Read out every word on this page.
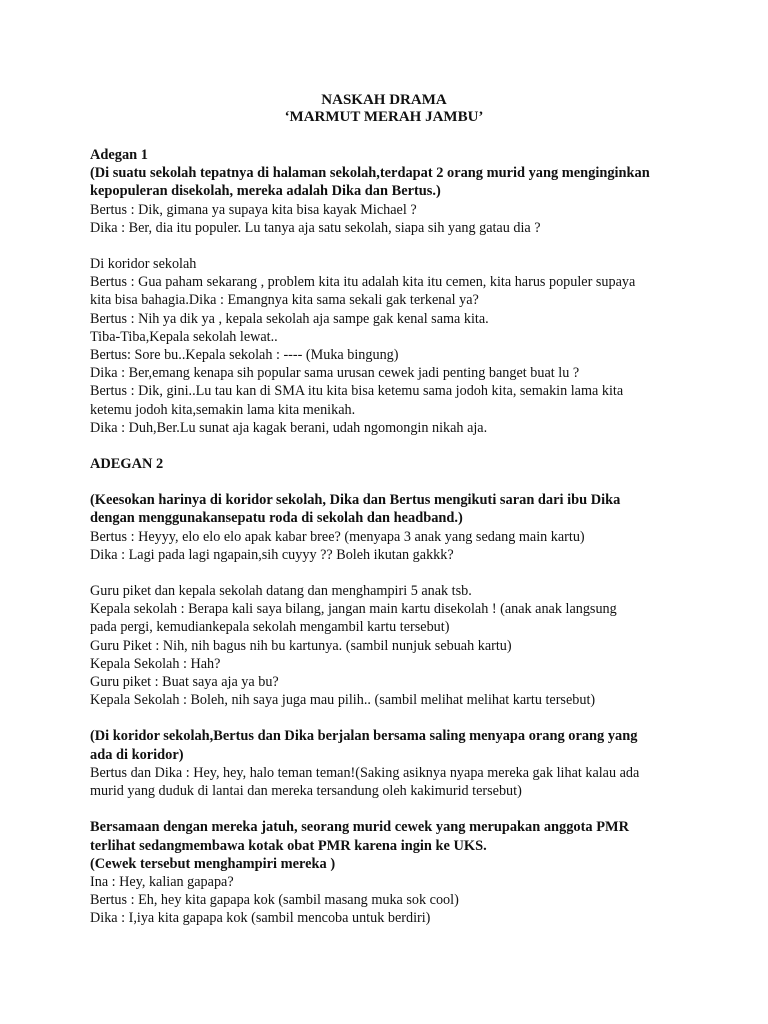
NASKAH DRAMA
‘MARMUT MERAH JAMBU’
Adegan 1
(Di suatu sekolah tepatnya di halaman sekolah,terdapat 2 orang murid yang menginginkan
kepopuleran disekolah, mereka adalah Dika dan Bertus.)
Bertus : Dik, gimana ya supaya kita bisa kayak Michael ?
Dika : Ber, dia itu populer. Lu tanya aja satu sekolah, siapa sih yang gatau dia ?
Di koridor sekolah
Bertus : Gua paham sekarang , problem kita itu adalah kita itu cemen, kita harus populer supaya
kita bisa bahagia.Dika : Emangnya kita sama sekali gak terkenal ya?
Bertus : Nih ya dik ya , kepala sekolah aja sampe gak kenal sama kita.
Tiba-Tiba,Kepala sekolah lewat..
Bertus: Sore bu..Kepala sekolah : ---- (Muka bingung)
Dika : Ber,emang kenapa sih popular sama urusan cewek jadi penting banget buat lu ?
Bertus : Dik, gini..Lu tau kan di SMA itu kita bisa ketemu sama jodoh kita, semakin lama kita
ketemu jodoh kita,semakin lama kita menikah.
Dika : Duh,Ber.Lu sunat aja kagak berani, udah ngomongin nikah aja.
ADEGAN 2
(Keesokan harinya di koridor sekolah, Dika dan Bertus mengikuti saran dari ibu Dika
dengan menggunakansepatu roda di sekolah dan headband.)
Bertus : Heyyy, elo elo elo apak kabar bree? (menyapa 3 anak yang sedang main kartu)
Dika : Lagi pada lagi ngapain,sih cuyyy ?? Boleh ikutan gakkk?
Guru piket dan kepala sekolah datang dan menghampiri 5 anak tsb.
Kepala sekolah : Berapa kali saya bilang, jangan main kartu disekolah ! (anak anak langsung
pada pergi, kemudiankepala sekolah mengambil kartu tersebut)
Guru Piket : Nih, nih bagus nih bu kartunya. (sambil nunjuk sebuah kartu)
Kepala Sekolah : Hah?
Guru piket : Buat saya aja ya bu?
Kepala Sekolah : Boleh, nih saya juga mau pilih.. (sambil melihat melihat kartu tersebut)
(Di koridor sekolah,Bertus dan Dika berjalan bersama saling menyapa orang orang yang
ada di koridor)
Bertus dan Dika : Hey, hey, halo teman teman!(Saking asiknya nyapa mereka gak lihat kalau ada
murid yang duduk di lantai dan mereka tersandung oleh kakimurid tersebut)
Bersamaan dengan mereka jatuh, seorang murid cewek yang merupakan anggota PMR
terlihat sedangmembawa kotak obat PMR karena ingin ke UKS.
(Cewek tersebut menghampiri mereka )
Ina : Hey, kalian gapapa?
Bertus : Eh, hey kita gapapa kok (sambil masang muka sok cool)
Dika : I,iya kita gapapa kok (sambil mencoba untuk berdiri)
